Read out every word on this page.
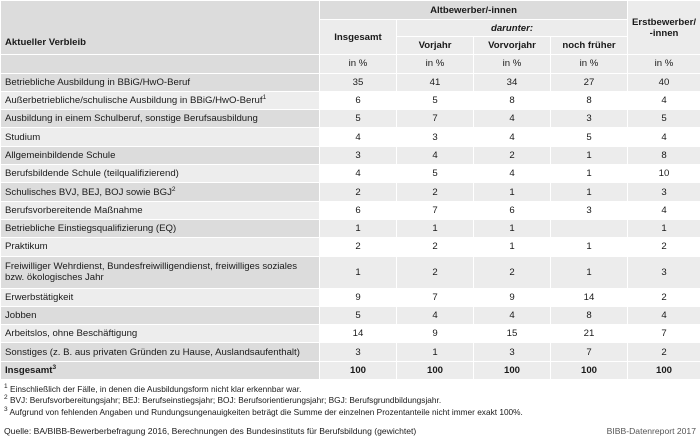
Aktueller Verbleib	Altbewerber/-innen				Erstbewerber/ -innen
	Insgesamt	darunter:			
		Vorjahr	Vorvorjahr	noch früher	
	in %	in %	in %	in %	in %
Betriebliche Ausbildung in BBiG/HwO-Beruf	35	41	34	27	40
Außerbetriebliche/schulische Ausbildung in BBiG/HwO-Beruf$^1$	6	5	8	8	4
Ausbildung in einem Schulberuf, sonstige Berufsausbildung	5	7	4	3	5
Studium	4	3	4	5	4
Allgemeinbildende Schule	3	4	2	1	8
Berufsbildende Schule (teilqualifizierend)	4	5	4	1	10
Schulisches BVJ, BEJ, BOJ sowie BGJ$^2$	2	2	1	1	3
Berufsvorbereitende Maßnahme	6	7	6	3	4
Betriebliche Einstiegsqualifizierung (EQ)	1	1	1		1
Praktikum	2	2	1	1	2
Freiwilliger Wehrdienst, Bundesfreiwilligendienst, freiwilliges soziales bzw. ökologisches Jahr	1	2	2	1	3
Erwerbstätigkeit	9	7	9	14	2
Jobben	5	4	4	8	4
Arbeitslos, ohne Beschäftigung	14	9	15	21	7
Sonstiges (z. B. aus privaten Gründen zu Hause, Auslandsaufenthalt)	3	1	3	7	2
Insgesamt$^3$	100	100	100	100	100
$^1$ Einschließlich der Fälle, in denen die Ausbildungsform nicht klar erkennbar war.
$^2$ BVJ: Berufsvorbereitungsjahr; BEJ: Berufseinstiegsjahr; BOJ: Berufsorientierungsjahr; BGJ: Berufsgrundbildungsjahr.
$^3$ Aufgrund von fehlenden Angaben und Rundungsungenauigkeiten beträgt die Summe der einzelnen Prozentanteile nicht immer exakt 100%.
Quelle: BA/BIBB-Bewerberbefragung 2016, Berechnungen des Bundesinstituts für Berufsbildung (gewichtet)	BIBB-Datenreport 2017
